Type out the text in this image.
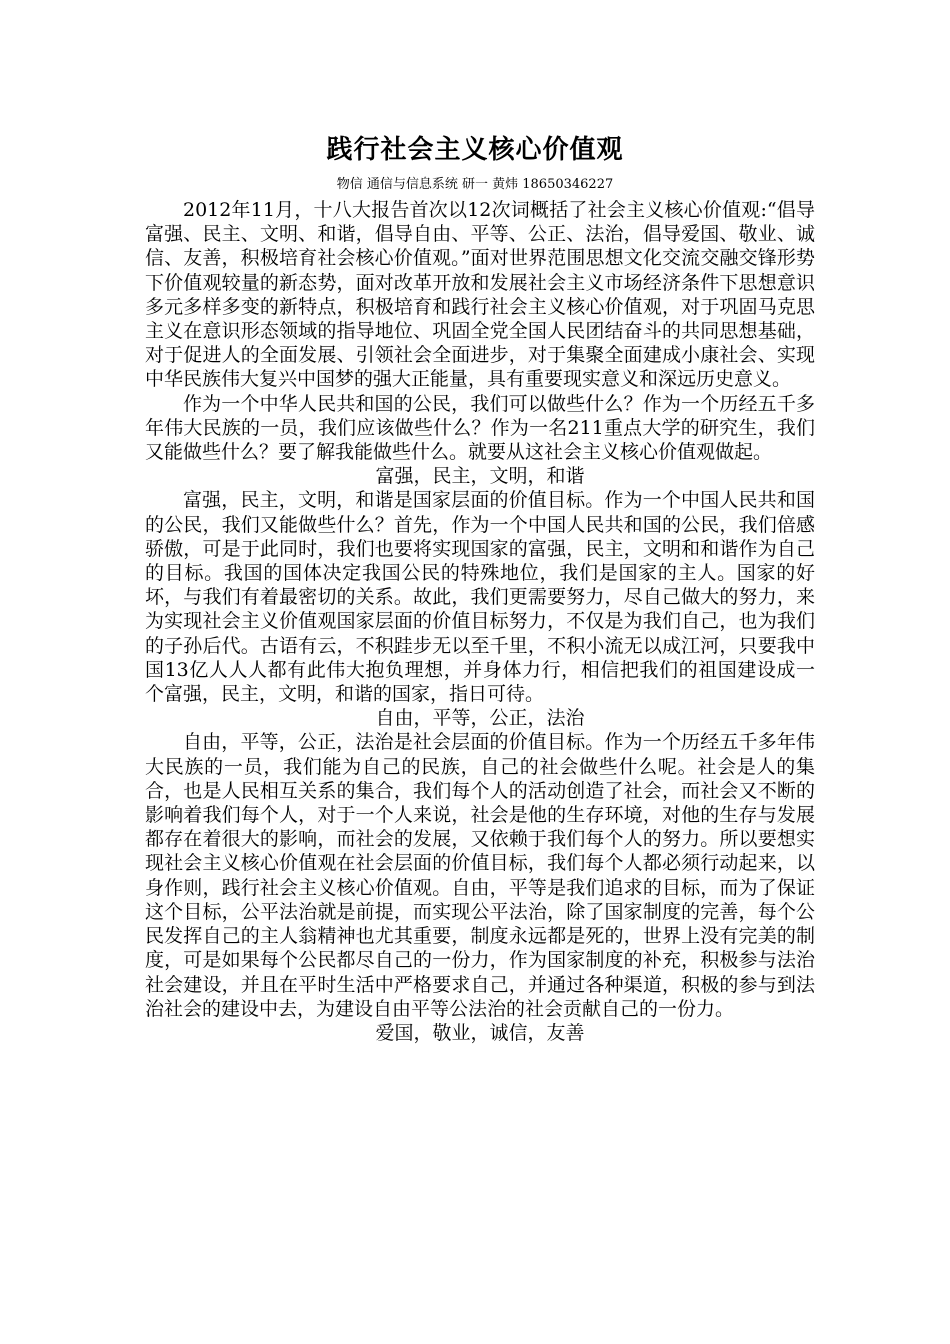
践行社会主义核心价值观
物信 通信与信息系统 研一 黄炜 18650346227

2012年11月，十八大报告首次以12次词概括了社会主义核心价值观:“倡导富强、民主、文明、和谐，倡导自由、平等、公正、法治，倡导爱国、敬业、诚信、友善，积极培育社会核心价值观。”面对世界范围思想文化交流交融交锋形势下价值观较量的新态势，面对改革开放和发展社会主义市场经济条件下思想意识多元多样多变的新特点，积极培育和践行社会主义核心价值观，对于巩固马克思主义在意识形态领域的指导地位、巩固全党全国人民团结奋斗的共同思想基础，对于促进人的全面发展、引领社会全面进步，对于集聚全面建成小康社会、实现中华民族伟大复兴中国梦的强大正能量，具有重要现实意义和深远历史意义。

作为一个中华人民共和国的公民，我们可以做些什么？作为一个历经五千多年伟大民族的一员，我们应该做些什么？作为一名211重点大学的研究生，我们又能做些什么？要了解我能做些什么。就要从这社会主义核心价值观做起。

富强，民主，文明，和谐

富强，民主，文明，和谐是国家层面的价值目标。作为一个中国人民共和国的公民，我们又能做些什么？首先，作为一个中国人民共和国的公民，我们倍感骄傲，可是于此同时，我们也要将实现国家的富强，民主，文明和和谐作为自己的目标。我国的国体决定我国公民的特殊地位，我们是国家的主人。国家的好坏，与我们有着最密切的关系。故此，我们更需要努力，尽自己做大的努力，来为实现社会主义价值观国家层面的价值目标努力，不仅是为我们自己，也为我们的子孙后代。古语有云，不积跬步无以至千里，不积小流无以成江河，只要我中国13亿人人人都有此伟大抱负理想，并身体力行，相信把我们的祖国建设成一个富强，民主，文明，和谐的国家，指日可待。

自由，平等，公正，法治

自由，平等，公正，法治是社会层面的价值目标。作为一个历经五千多年伟大民族的一员，我们能为自己的民族，自己的社会做些什么呢。社会是人的集合，也是人民相互关系的集合，我们每个人的活动创造了社会，而社会又不断的影响着我们每个人，对于一个人来说，社会是他的生存环境，对他的生存与发展都存在着很大的影响，而社会的发展，又依赖于我们每个人的努力。所以要想实现社会主义核心价值观在社会层面的价值目标，我们每个人都必须行动起来，以身作则，践行社会主义核心价值观。自由，平等是我们追求的目标，而为了保证这个目标，公平法治就是前提，而实现公平法治，除了国家制度的完善，每个公民发挥自己的主人翁精神也尤其重要，制度永远都是死的，世界上没有完美的制度，可是如果每个公民都尽自己的一份力，作为国家制度的补充，积极参与法治社会建设，并且在平时生活中严格要求自己，并通过各种渠道，积极的参与到法治社会的建设中去，为建设自由平等公法治的社会贡献自己的一份力。

爱国，敬业，诚信，友善
